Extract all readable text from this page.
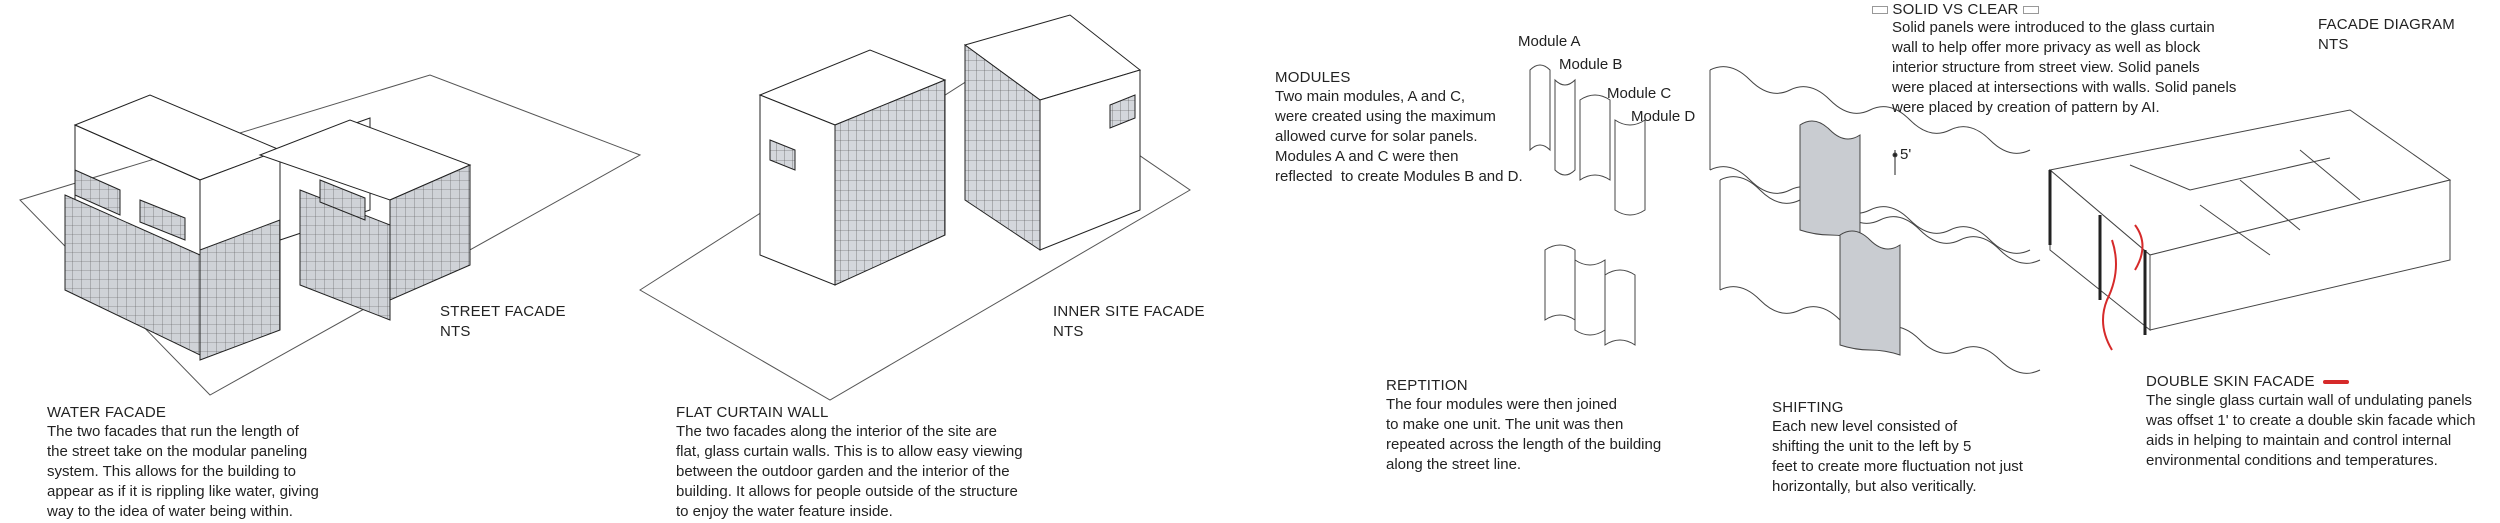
WATER FACADE
The two facades that run the length of
the street take on the modular paneling
system. This allows for the building to
appear as if it is rippling like water, giving
way to the idea of water being within.
STREET FACADE
NTS
FLAT CURTAIN WALL
The two facades along the interior of the site are
flat, glass curtain walls. This is to allow easy viewing
between the outdoor garden and the interior of the
building. It allows for people outside of the structure
to enjoy the water feature inside.
INNER SITE FACADE
NTS
MODULES
Two main modules, A and C,
were created using the maximum
allowed curve for solar panels.
Modules A and C were then
reflected  to create Modules B and D.
Module A
Module B
Module C
Module D
REPTITION
The four modules were then joined
to make one unit. The unit was then
repeated across the length of the building
along the street line.
5'
SHIFTING
Each new level consisted of
shifting the unit to the left by 5
feet to create more fluctuation not just
horizontally, but also veritically.
SOLID VS CLEAR
Solid panels were introduced to the glass curtain
wall to help offer more privacy as well as block
interior structure from street view. Solid panels
were placed at intersections with walls. Solid panels
were placed by creation of pattern by AI.
FACADE DIAGRAM
NTS
DOUBLE SKIN FACADE
The single glass curtain wall of undulating panels
was offset 1' to create a double skin facade which
aids in helping to maintain and control internal
environmental conditions and temperatures.
